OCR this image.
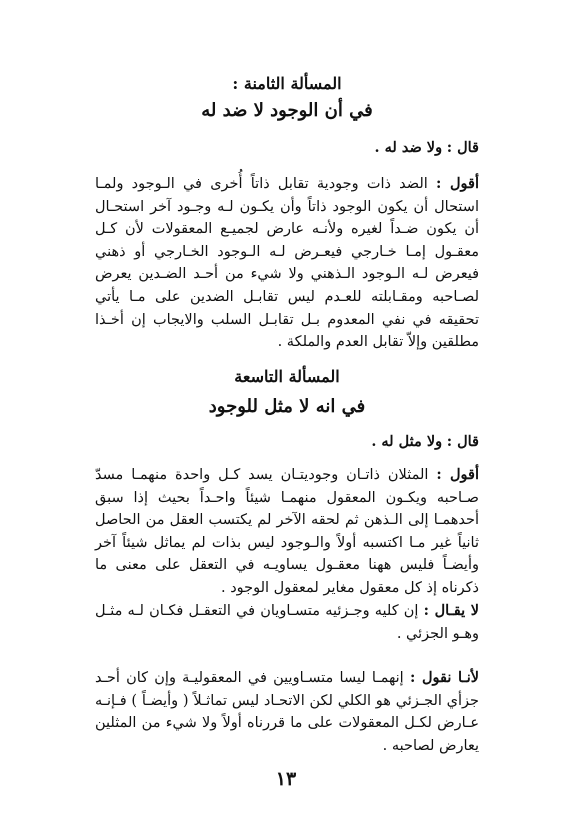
المسألة الثامنة :
في أن الوجود لا ضد له
قال : ولا ضد له .

أقول : الضد ذات وجودية تقابل ذاتاً أُخرى في الـوجود ولمـا استحال أن يكون الوجود ذاتاً وأن يكـون لـه وجـود آخر استحـال أن يكون ضـداً لغيره ولأنـه عارض لجميـع المعقولات لأن كـل معقـول إمـا خـارجي فيعـرض لـه الـوجود الخـارجي أو ذهني فيعرض لـه الـوجود الـذهني ولا شيء من أحـد الضـدين يعرض لصـاحبه ومقـابلته للعـدم ليس تقابـل الضدين على مـا يأتي تحقيقه في نفي المعدوم بـل تقابـل السلب والايجاب إن أخـذا مطلقين وإلاّ تقابل العدم والملكة .

المسألة التاسعة
في انه لا مثل للوجود
قال : ولا مثل له .

أقول : المثلان ذاتـان وجوديتـان يسد كـل واحدة منهمـا مسدّ صـاحبه ويكـون المعقول منهمـا شيئاً واحـداً بحيث إذا سبق أحدهمـا إلى الـذهن ثم لحقه الآخر لم يكتسب العقل من الحاصل ثانياً غير مـا اكتسبه أولاً والـوجود ليس بذات لم يماثل شيئاً آخر وأيضـاً فليس ههنا معقـول يساويـه في التعقل على معنى ما ذكرناه إذ كل معقول مغاير لمعقول الوجود .

لا يقـال : إن كليه وجـزئيه متسـاويان في التعقـل فكـان لـه مثـل وهـو الجزئي .

لأنـا نقول : إنهمـا ليسا متسـاويين في المعقوليـة وإن كان أحـد جزأي الجـزئي هو الكلي لكن الاتحـاد ليس تماثـلاً ( وأيضـاً ) فـإنـه عـارض لكـل المعقولات على ما قررناه أولاً ولا شيء من المثلين يعارض لصاحبه .

١٣
